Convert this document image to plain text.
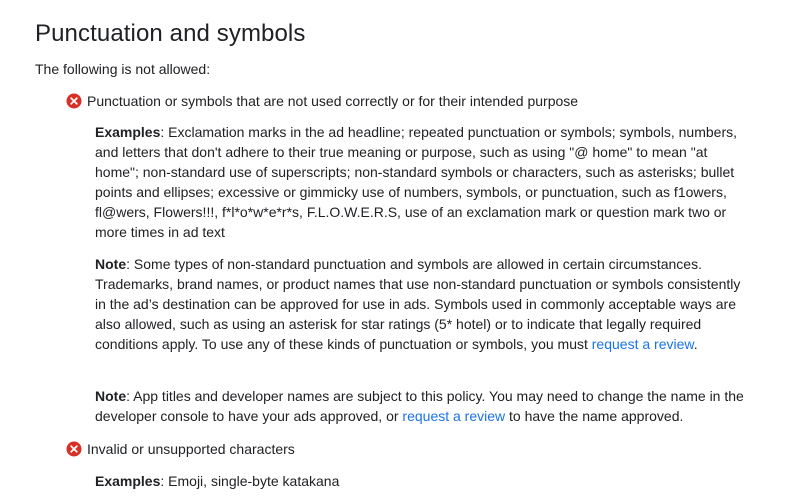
Punctuation and symbols
The following is not allowed:
Punctuation or symbols that are not used correctly or for their intended purpose

Examples: Exclamation marks in the ad headline; repeated punctuation or symbols; symbols, numbers, and letters that don't adhere to their true meaning or purpose, such as using "@ home" to mean "at home"; non-standard use of superscripts; non-standard symbols or characters, such as asterisks; bullet points and ellipses; excessive or gimmicky use of numbers, symbols, or punctuation, such as f1owers, fl@wers, Flowers!!!, f*l*o*w*e*r*s, F.L.O.W.E.R.S, use of an exclamation mark or question mark two or more times in ad text

Note: Some types of non-standard punctuation and symbols are allowed in certain circumstances. Trademarks, brand names, or product names that use non-standard punctuation or symbols consistently in the ad’s destination can be approved for use in ads. Symbols used in commonly acceptable ways are also allowed, such as using an asterisk for star ratings (5* hotel) or to indicate that legally required conditions apply. To use any of these kinds of punctuation or symbols, you must request a review.

Note: App titles and developer names are subject to this policy. You may need to change the name in the developer console to have your ads approved, or request a review to have the name approved.

Invalid or unsupported characters

Examples: Emoji, single-byte katakana
